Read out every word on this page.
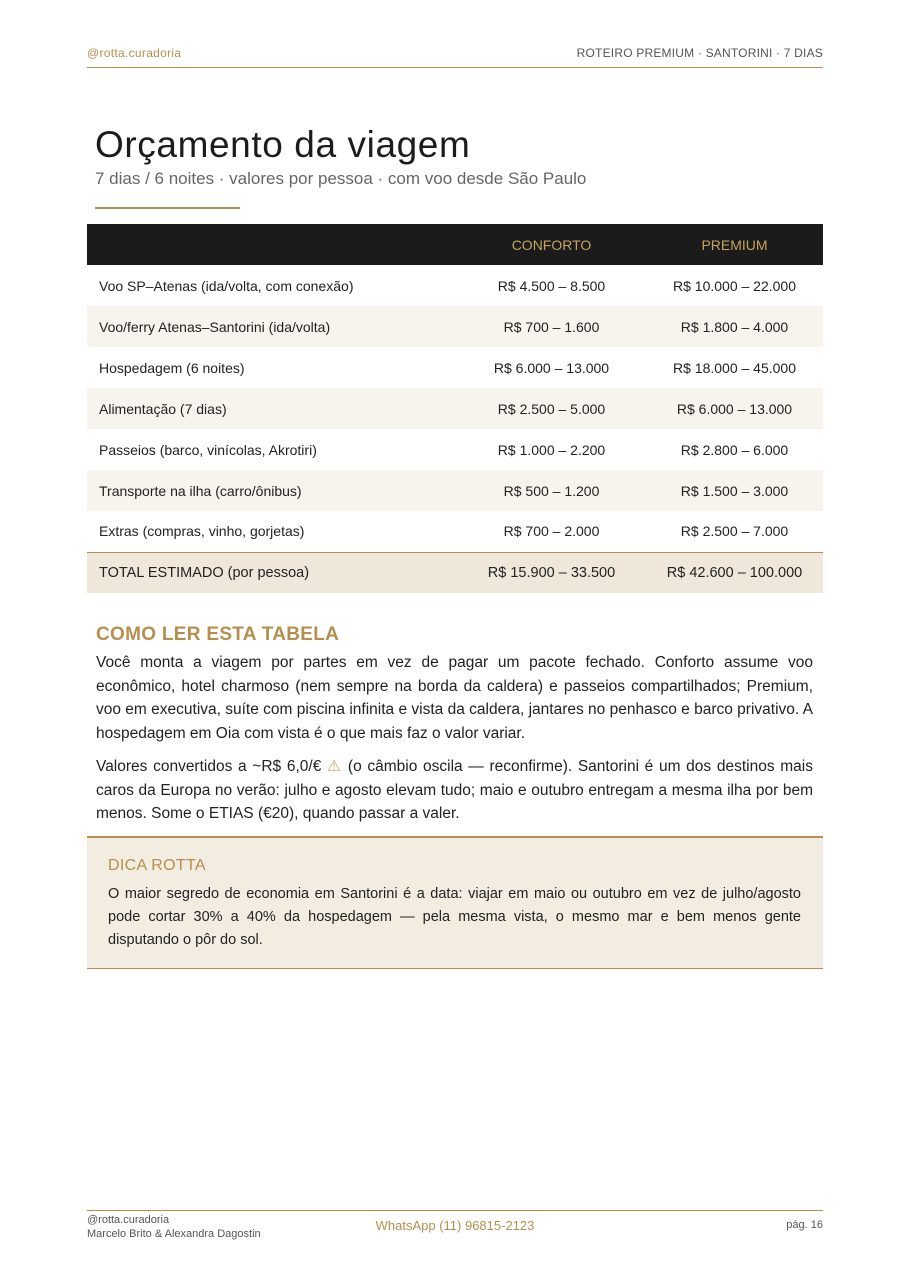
@rotta.curadoria	ROTEIRO PREMIUM · SANTORINI · 7 DIAS
Orçamento da viagem
7 dias / 6 noites · valores por pessoa · com voo desde São Paulo
	CONFORTO	PREMIUM
Voo SP–Atenas (ida/volta, com conexão)	R$ 4.500 – 8.500	R$ 10.000 – 22.000
Voo/ferry Atenas–Santorini (ida/volta)	R$ 700 – 1.600	R$ 1.800 – 4.000
Hospedagem (6 noites)	R$ 6.000 – 13.000	R$ 18.000 – 45.000
Alimentação (7 dias)	R$ 2.500 – 5.000	R$ 6.000 – 13.000
Passeios (barco, vinícolas, Akrotiri)	R$ 1.000 – 2.200	R$ 2.800 – 6.000
Transporte na ilha (carro/ônibus)	R$ 500 – 1.200	R$ 1.500 – 3.000
Extras (compras, vinho, gorjetas)	R$ 700 – 2.000	R$ 2.500 – 7.000
TOTAL ESTIMADO (por pessoa)	R$ 15.900 – 33.500	R$ 42.600 – 100.000
COMO LER ESTA TABELA

Você monta a viagem por partes em vez de pagar um pacote fechado. Conforto assume voo econômico, hotel charmoso (nem sempre na borda da caldera) e passeios compartilhados; Premium, voo em executiva, suíte com piscina infinita e vista da caldera, jantares no penhasco e barco privativo. A hospedagem em Oia com vista é o que mais faz o valor variar.

Valores convertidos a ~R$ 6,0/€ ⚠ (o câmbio oscila — reconfirme). Santorini é um dos destinos mais caros da Europa no verão: julho e agosto elevam tudo; maio e outubro entregam a mesma ilha por bem menos. Some o ETIAS (€20), quando passar a valer.

DICA ROTTA

O maior segredo de economia em Santorini é a data: viajar em maio ou outubro em vez de julho/agosto pode cortar 30% a 40% da hospedagem — pela mesma vista, o mesmo mar e bem menos gente disputando o pôr do sol.

@rotta.curadoria
Marcelo Brito & Alexandra Dagostin
WhatsApp (11) 96815-2123	pág. 16
